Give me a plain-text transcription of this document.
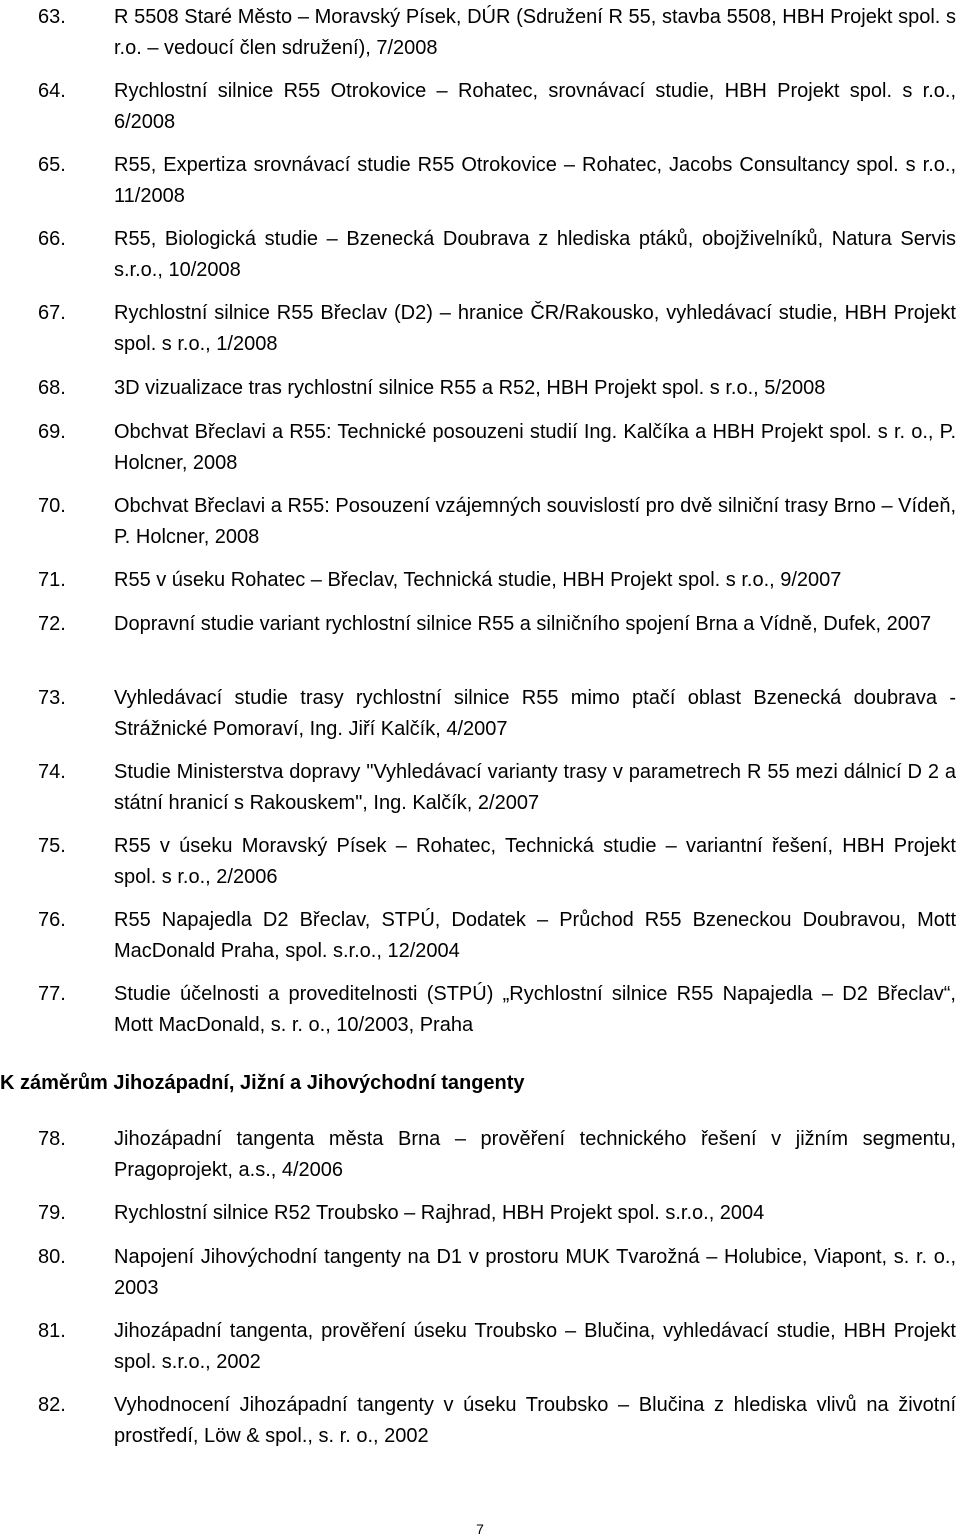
63. R 5508 Staré Město – Moravský Písek, DÚR (Sdružení R 55, stavba 5508, HBH Projekt spol. s r.o. – vedoucí člen sdružení), 7/2008
64. Rychlostní silnice R55 Otrokovice – Rohatec, srovnávací studie, HBH Projekt spol. s r.o., 6/2008
65. R55, Expertiza srovnávací studie R55 Otrokovice – Rohatec, Jacobs Consultancy spol. s r.o., 11/2008
66. R55, Biologická studie – Bzenecká Doubrava z hlediska ptáků, obojživelníků, Natura Servis s.r.o., 10/2008
67. Rychlostní silnice R55 Břeclav (D2) – hranice ČR/Rakousko, vyhledávací studie, HBH Projekt spol. s r.o., 1/2008
68. 3D vizualizace tras rychlostní silnice R55 a R52, HBH Projekt spol. s r.o., 5/2008
69. Obchvat Břeclavi a R55: Technické posouzeni studií Ing. Kalčíka a HBH Projekt spol. s r. o., P. Holcner, 2008
70. Obchvat Břeclavi a R55: Posouzení vzájemných souvislostí pro dvě silniční trasy Brno – Vídeň, P. Holcner, 2008
71. R55 v úseku Rohatec – Břeclav, Technická studie, HBH Projekt spol. s r.o., 9/2007
72. Dopravní studie variant rychlostní silnice R55 a silničního spojení Brna a Vídně, Dufek, 2007
73. Vyhledávací studie trasy rychlostní silnice R55 mimo ptačí oblast Bzenecká doubrava - Strážnické Pomoraví, Ing. Jiří Kalčík, 4/2007
74. Studie Ministerstva dopravy "Vyhledávací varianty trasy v parametrech R 55 mezi dálnicí D 2 a státní hranicí s Rakouskem", Ing. Kalčík, 2/2007
75. R55 v úseku Moravský Písek – Rohatec, Technická studie – variantní řešení, HBH Projekt spol. s r.o., 2/2006
76. R55 Napajedla D2 Břeclav, STPÚ, Dodatek – Průchod R55 Bzeneckou Doubravou, Mott MacDonald Praha, spol. s.r.o., 12/2004
77. Studie účelnosti a proveditelnosti (STPÚ) „Rychlostní silnice R55 Napajedla – D2 Břeclav“, Mott MacDonald, s. r. o., 10/2003, Praha
K záměrům Jihozápadní, Jižní a Jihovýchodní tangenty
78. Jihozápadní tangenta města Brna – prověření technického řešení v jižním segmentu, Pragoprojekt, a.s., 4/2006
79. Rychlostní silnice R52 Troubsko – Rajhrad, HBH Projekt spol. s.r.o., 2004
80. Napojení Jihovýchodní tangenty na D1 v prostoru MUK Tvarožná – Holubice, Viapont, s. r. o., 2003
81. Jihozápadní tangenta, prověření úseku Troubsko – Blučina, vyhledávací studie, HBH Projekt spol. s.r.o., 2002
82. Vyhodnocení Jihozápadní tangenty v úseku Troubsko – Blučina z hlediska vlivů na životní prostředí, Löw & spol., s. r. o., 2002
7
